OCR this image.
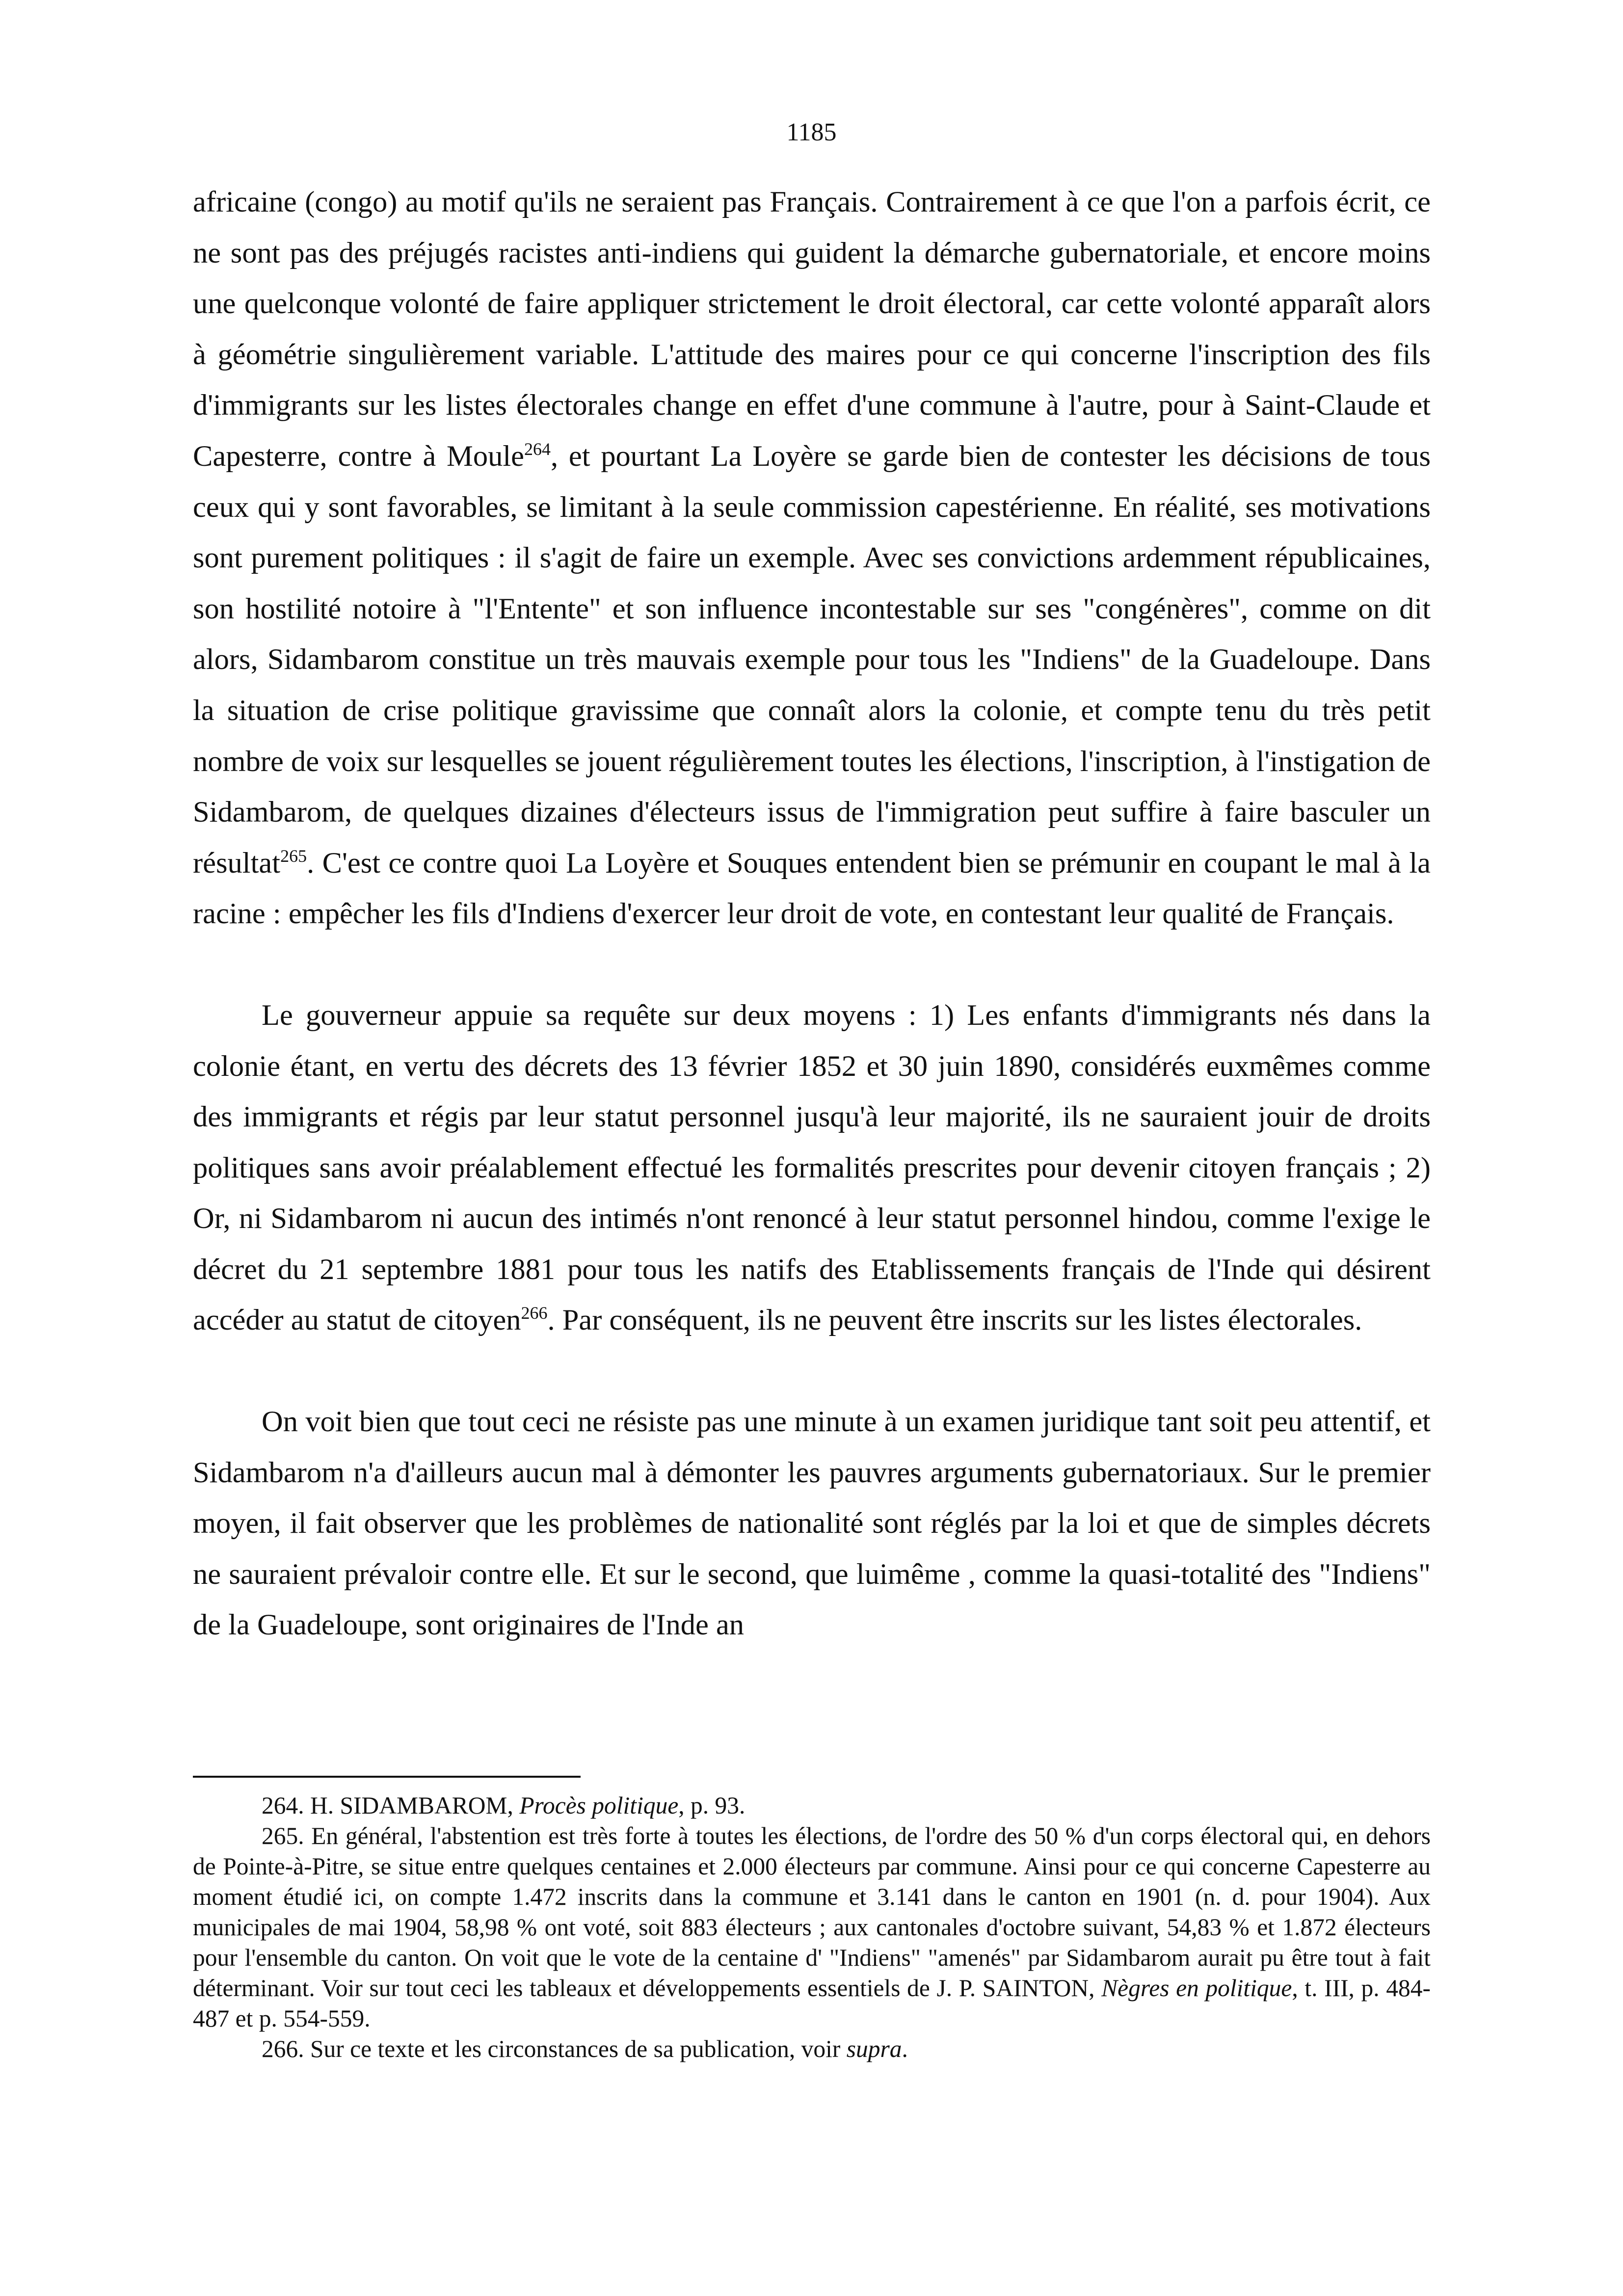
1185

africaine (congo) au motif qu'ils ne seraient pas Français. Contrairement à ce que l'on a parfois écrit, ce ne sont pas des préjugés racistes anti-indiens qui guident la démarche gubernatoriale, et encore moins une quelconque volonté de faire appliquer strictement le droit électoral, car cette volonté apparaît alors à géométrie singulièrement variable. L'attitude des maires pour ce qui concerne l'inscription des fils d'immigrants sur les listes électorales change en effet d'une commune à l'autre, pour à Saint-Claude et Capesterre, contre à Moule$^{264}$, et pourtant La Loyère se garde bien de contester les décisions de tous ceux qui y sont favorables, se limitant à la seule commission capestérienne. En réalité, ses motivations sont purement politiques : il s'agit de faire un exemple. Avec ses convictions ardemment républicaines, son hostilité notoire à "l'Entente" et son influence incontestable sur ses "congénères", comme on dit alors, Sidambarom constitue un très mauvais exemple pour tous les "Indiens" de la Guadeloupe. Dans la situation de crise politique gravissime que connaît alors la colonie, et compte tenu du très petit nombre de voix sur lesquelles se jouent régulièrement toutes les élections, l'inscription, à l'instigation de Sidambarom, de quelques dizaines d'électeurs issus de l'immigration peut suffire à faire basculer un résultat$^{265}$. C'est ce contre quoi La Loyère et Souques entendent bien se prémunir en coupant le mal à la racine : empêcher les fils d'Indiens d'exercer leur droit de vote, en contestant leur qualité de Français.

Le gouverneur appuie sa requête sur deux moyens : 1) Les enfants d'immigrants nés dans la colonie étant, en vertu des décrets des 13 février 1852 et 30 juin 1890, considérés euxmêmes comme des immigrants et régis par leur statut personnel jusqu'à leur majorité, ils ne sauraient jouir de droits politiques sans avoir préalablement effectué les formalités prescrites pour devenir citoyen français ; 2) Or, ni Sidambarom ni aucun des intimés n'ont renoncé à leur statut personnel hindou, comme l'exige le décret du 21 septembre 1881 pour tous les natifs des Etablissements français de l'Inde qui désirent accéder au statut de citoyen$^{266}$. Par conséquent, ils ne peuvent être inscrits sur les listes électorales.

On voit bien que tout ceci ne résiste pas une minute à un examen juridique tant soit peu attentif, et Sidambarom n'a d'ailleurs aucun mal à démonter les pauvres arguments gubernatoriaux. Sur le premier moyen, il fait observer que les problèmes de nationalité sont réglés par la loi et que de simples décrets ne sauraient prévaloir contre elle. Et sur le second, que luimême , comme la quasi-totalité des "Indiens" de la Guadeloupe, sont originaires de l'Inde an

264. H. SIDAMBAROM, Procès politique, p. 93.

265. En général, l'abstention est très forte à toutes les élections, de l'ordre des 50 % d'un corps électoral qui, en dehors de Pointe-à-Pitre, se situe entre quelques centaines et 2.000 électeurs par commune. Ainsi pour ce qui concerne Capesterre au moment étudié ici, on compte 1.472 inscrits dans la commune et 3.141 dans le canton en 1901 (n. d. pour 1904). Aux municipales de mai 1904, 58,98 % ont voté, soit 883 électeurs ; aux cantonales d'octobre suivant, 54,83 % et 1.872 électeurs pour l'ensemble du canton. On voit que le vote de la centaine d' "Indiens" "amenés" par Sidambarom aurait pu être tout à fait déterminant. Voir sur tout ceci les tableaux et développements essentiels de J. P. SAINTON, Nègres en politique, t. III, p. 484-487 et p. 554-559.

266. Sur ce texte et les circonstances de sa publication, voir supra.
